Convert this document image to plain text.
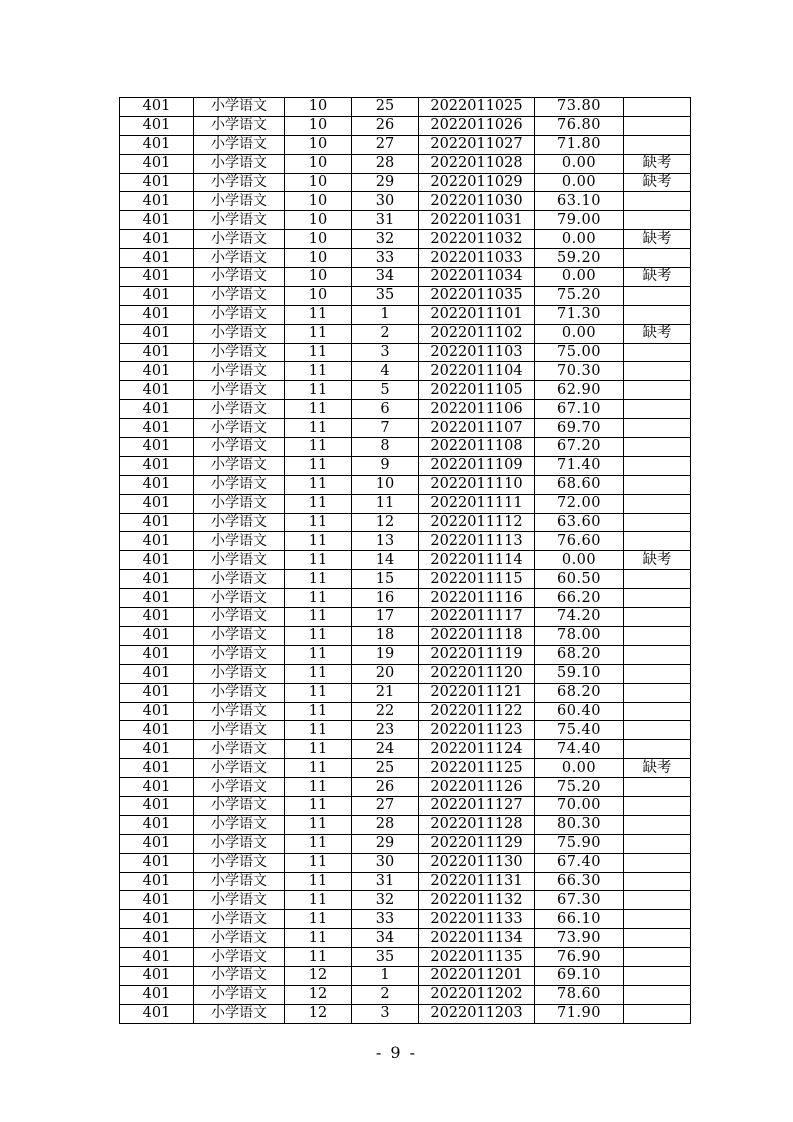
401	小学语文	10	25	2022011025	73.80	
401	小学语文	10	26	2022011026	76.80	
401	小学语文	10	27	2022011027	71.80	
401	小学语文	10	28	2022011028	0.00	缺考
401	小学语文	10	29	2022011029	0.00	缺考
401	小学语文	10	30	2022011030	63.10	
401	小学语文	10	31	2022011031	79.00	
401	小学语文	10	32	2022011032	0.00	缺考
401	小学语文	10	33	2022011033	59.20	
401	小学语文	10	34	2022011034	0.00	缺考
401	小学语文	10	35	2022011035	75.20	
401	小学语文	11	1	2022011101	71.30	
401	小学语文	11	2	2022011102	0.00	缺考
401	小学语文	11	3	2022011103	75.00	
401	小学语文	11	4	2022011104	70.30	
401	小学语文	11	5	2022011105	62.90	
401	小学语文	11	6	2022011106	67.10	
401	小学语文	11	7	2022011107	69.70	
401	小学语文	11	8	2022011108	67.20	
401	小学语文	11	9	2022011109	71.40	
401	小学语文	11	10	2022011110	68.60	
401	小学语文	11	11	2022011111	72.00	
401	小学语文	11	12	2022011112	63.60	
401	小学语文	11	13	2022011113	76.60	
401	小学语文	11	14	2022011114	0.00	缺考
401	小学语文	11	15	2022011115	60.50	
401	小学语文	11	16	2022011116	66.20	
401	小学语文	11	17	2022011117	74.20	
401	小学语文	11	18	2022011118	78.00	
401	小学语文	11	19	2022011119	68.20	
401	小学语文	11	20	2022011120	59.10	
401	小学语文	11	21	2022011121	68.20	
401	小学语文	11	22	2022011122	60.40	
401	小学语文	11	23	2022011123	75.40	
401	小学语文	11	24	2022011124	74.40	
401	小学语文	11	25	2022011125	0.00	缺考
401	小学语文	11	26	2022011126	75.20	
401	小学语文	11	27	2022011127	70.00	
401	小学语文	11	28	2022011128	80.30	
401	小学语文	11	29	2022011129	75.90	
401	小学语文	11	30	2022011130	67.40	
401	小学语文	11	31	2022011131	66.30	
401	小学语文	11	32	2022011132	67.30	
401	小学语文	11	33	2022011133	66.10	
401	小学语文	11	34	2022011134	73.90	
401	小学语文	11	35	2022011135	76.90	
401	小学语文	12	1	2022011201	69.10	
401	小学语文	12	2	2022011202	78.60	
401	小学语文	12	3	2022011203	71.90	
- 9 -
